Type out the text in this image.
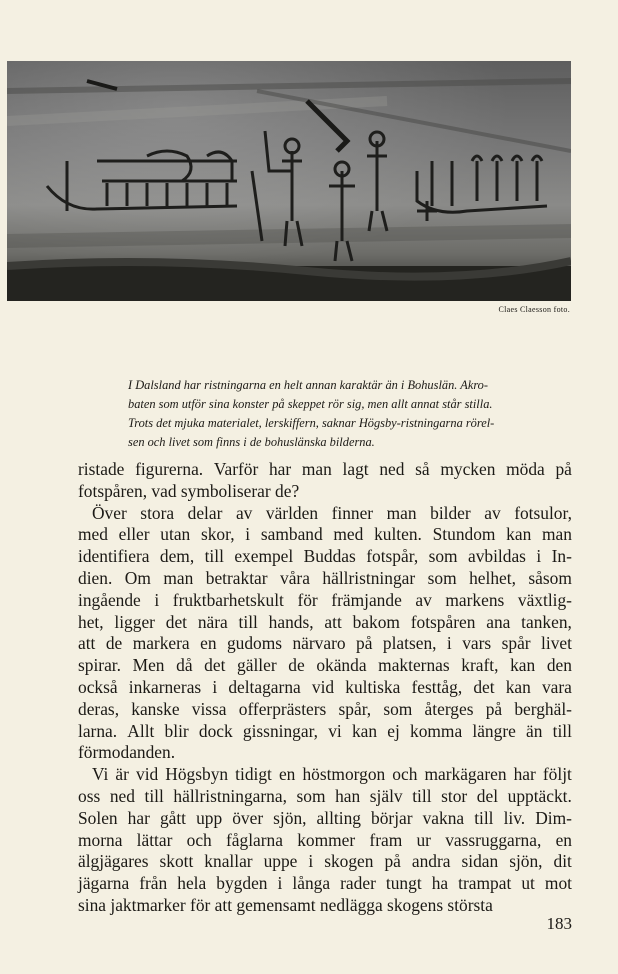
Claes Claesson foto.
I Dalsland har ristningarna en helt annan karaktär än i Bohuslän. Akro-
baten som utför sina konster på skeppet rör sig, men allt annat står stilla.
Trots det mjuka materialet, lerskiffern, saknar Högsby-ristningarna rörel-
sen och livet som finns i de bohuslänska bilderna.
ristade figurerna. Varför har man lagt ned så mycken möda på
fotspåren, vad symboliserar de?
Över stora delar av världen finner man bilder av fotsulor,
med eller utan skor, i samband med kulten. Stundom kan man
identifiera dem, till exempel Buddas fotspår, som avbildas i In-
dien. Om man betraktar våra hällristningar som helhet, såsom
ingående i fruktbarhetskult för främjande av markens växtlig-
het, ligger det nära till hands, att bakom fotspåren ana tanken,
att de markera en gudoms närvaro på platsen, i vars spår livet
spirar. Men då det gäller de okända makternas kraft, kan den
också inkarneras i deltagarna vid kultiska festtåg, det kan vara
deras, kanske vissa offerprästers spår, som återges på berghäl-
larna. Allt blir dock gissningar, vi kan ej komma längre än till
förmodanden.
Vi är vid Högsbyn tidigt en höstmorgon och markägaren har följt
oss ned till hällristningarna, som han själv till stor del upptäckt.
Solen har gått upp över sjön, allting börjar vakna till liv. Dim-
morna lättar och fåglarna kommer fram ur vassruggarna, en
älgjägares skott knallar uppe i skogen på andra sidan sjön, dit
jägarna från hela bygden i långa rader tungt ha trampat ut mot
sina jaktmarker för att gemensamt nedlägga skogens största
183
